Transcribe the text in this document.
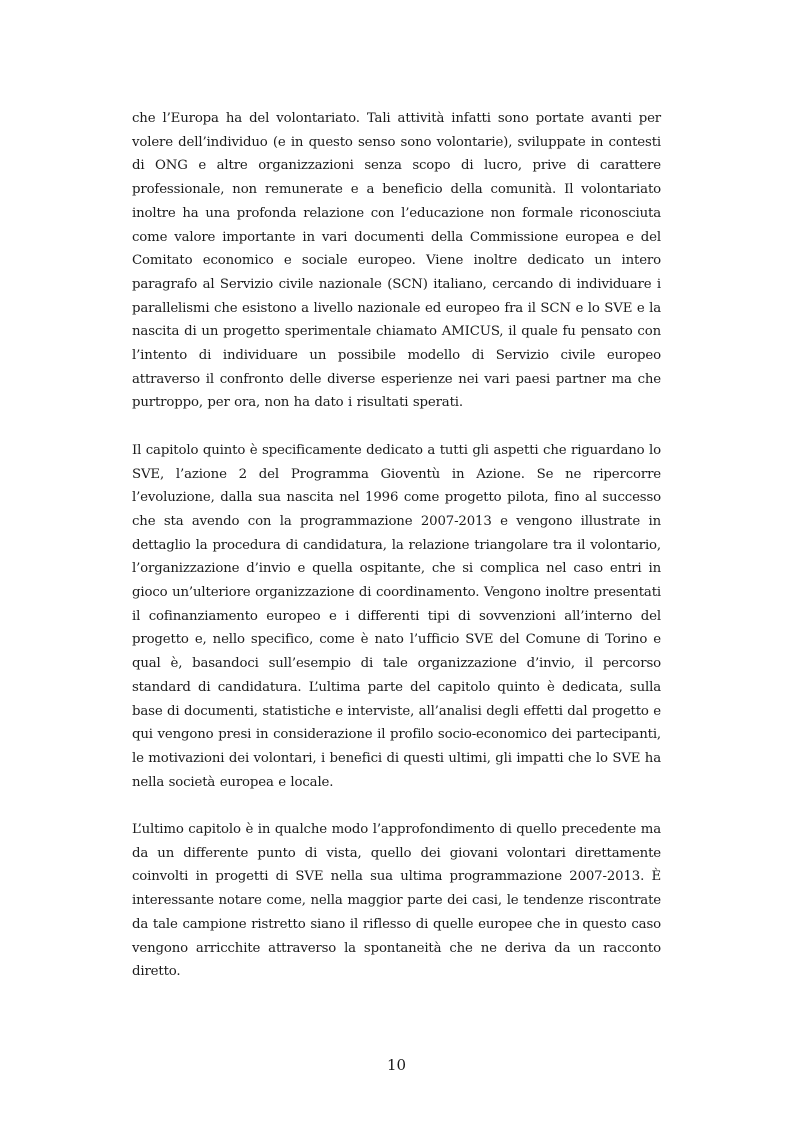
che l’Europa ha del volontariato. Tali attività infatti sono portate avanti per volere dell’individuo (e in questo senso sono volontarie), sviluppate in contesti di ONG e altre organizzazioni senza scopo di lucro, prive di carattere professionale, non remunerate e a beneficio della comunità. Il volontariato inoltre ha una profonda relazione con l’educazione non formale riconosciuta come valore importante in vari documenti della Commissione europea e del Comitato economico e sociale europeo. Viene inoltre dedicato un intero paragrafo al Servizio civile nazionale (SCN) italiano, cercando di individuare i parallelismi che esistono a livello nazionale ed europeo fra il SCN e lo SVE e la nascita di un progetto sperimentale chiamato AMICUS, il quale fu pensato con l’intento di individuare un possibile modello di Servizio civile europeo attraverso il confronto delle diverse esperienze nei vari paesi partner ma che purtroppo, per ora, non ha dato i risultati sperati.

Il capitolo quinto è specificamente dedicato a tutti gli aspetti che riguardano lo SVE, l’azione 2 del Programma Gioventù in Azione. Se ne ripercorre l’evoluzione, dalla sua nascita nel 1996 come progetto pilota, fino al successo che sta avendo con la programmazione 2007-2013 e vengono illustrate in dettaglio la procedura di candidatura, la relazione triangolare tra il volontario, l’organizzazione d’invio e quella ospitante, che si complica nel caso entri in gioco un’ulteriore organizzazione di coordinamento. Vengono inoltre presentati il cofinanziamento europeo e i differenti tipi di sovvenzioni all’interno del progetto e, nello specifico, come è nato l’ufficio SVE del Comune di Torino e qual è, basandoci sull’esempio di tale organizzazione d’invio, il percorso standard di candidatura. L’ultima parte del capitolo quinto è dedicata, sulla base di documenti, statistiche e interviste, all’analisi degli effetti dal progetto e qui vengono presi in considerazione il profilo socio-economico dei partecipanti, le motivazioni dei volontari, i benefici di questi ultimi, gli impatti che lo SVE ha nella società europea e locale.

L’ultimo capitolo è in qualche modo l’approfondimento di quello precedente ma da un differente punto di vista, quello dei giovani volontari direttamente coinvolti in progetti di SVE nella sua ultima programmazione 2007-2013. È interessante notare come, nella maggior parte dei casi, le tendenze riscontrate da tale campione ristretto siano il riflesso di quelle europee che in questo caso vengono arricchite attraverso la spontaneità che ne deriva da un racconto diretto.

10
